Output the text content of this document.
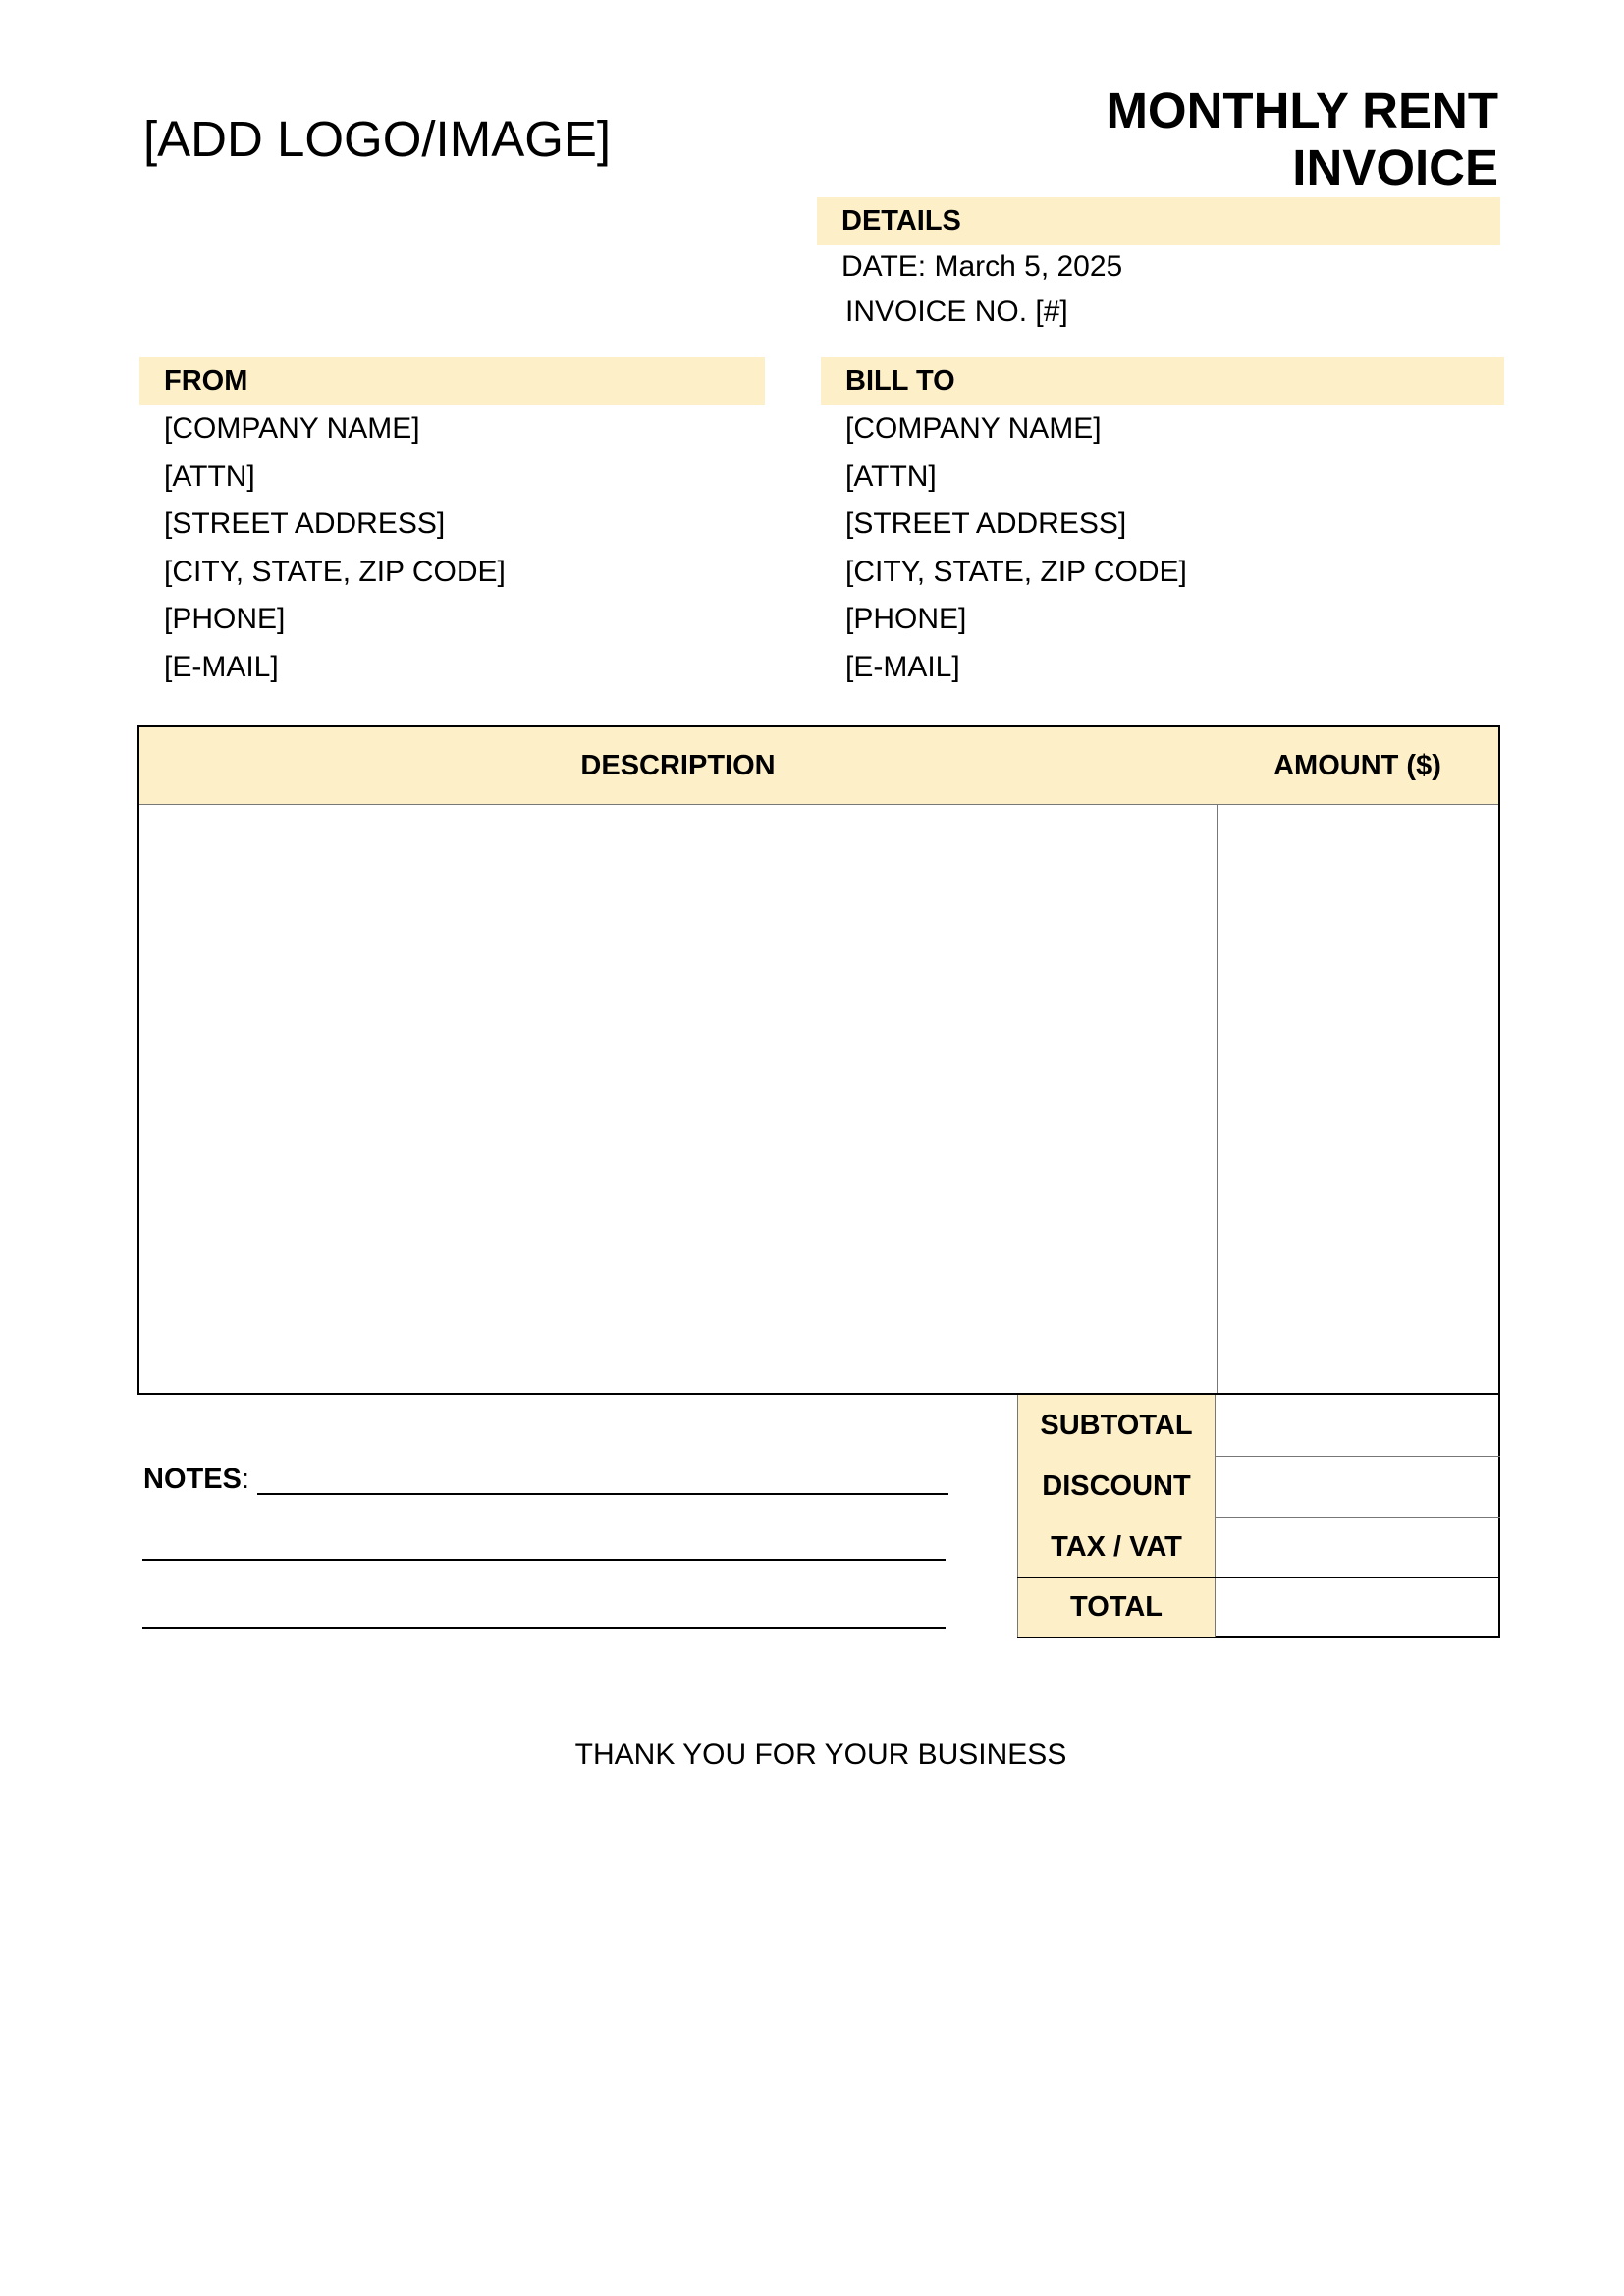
[ADD LOGO/IMAGE]
MONTHLY RENT
INVOICE
DETAILS
DATE: March 5, 2025
INVOICE NO. [#]
FROM
[COMPANY NAME]
[ATTN]
[STREET ADDRESS]
[CITY, STATE, ZIP CODE]
[PHONE]
[E-MAIL]
BILL TO
[COMPANY NAME]
[ATTN]
[STREET ADDRESS]
[CITY, STATE, ZIP CODE]
[PHONE]
[E-MAIL]
DESCRIPTION	AMOUNT ($)
SUBTOTAL
DISCOUNT
TAX / VAT
TOTAL
NOTES:
THANK YOU FOR YOUR BUSINESS
